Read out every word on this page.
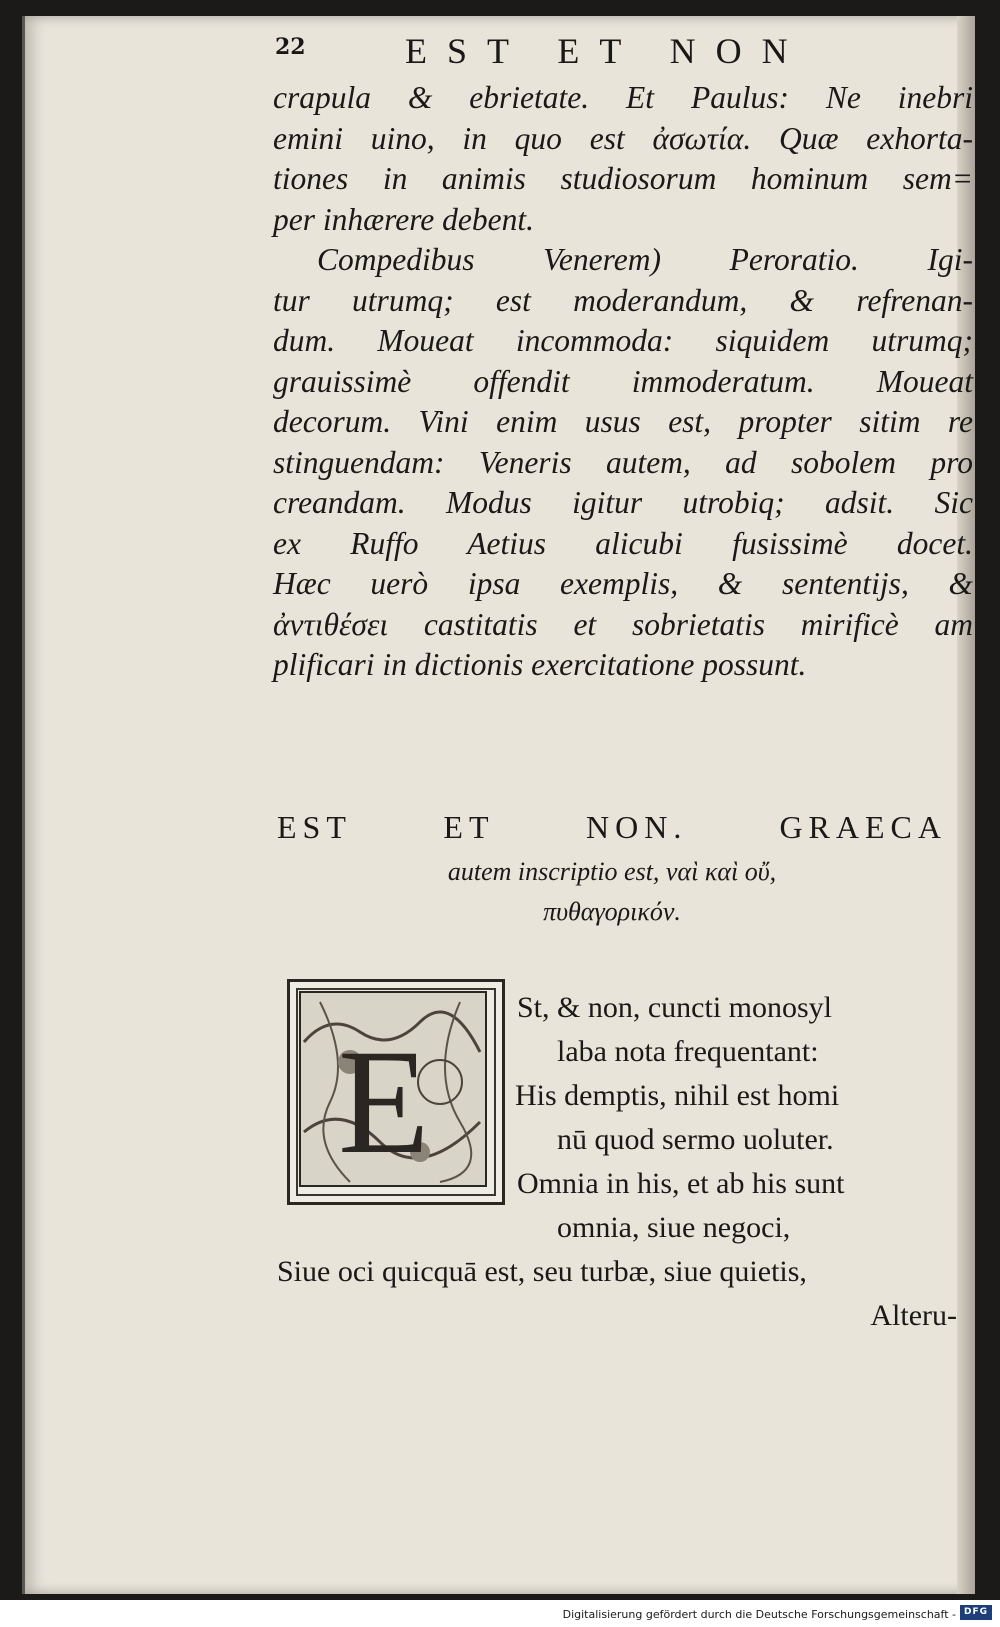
22	EST ET NON
crapula & ebrietate. Et Paulus: Ne inebri
emini uino, in quo est ἀσωτία. Quæ exhorta-
tiones in animis studiosorum hominum sem=
per inhærere debent.
Compedibus Venerem) Peroratio. Igi-
tur utrumq; est moderandum, & refrenan-
dum. Moueat incommoda: siquidem utrumq;
grauissimè offendit immoderatum. Moueat
decorum. Vini enim usus est, propter sitim re
stinguendam: Veneris autem, ad sobolem pro
creandam. Modus igitur utrobiq; adsit. Sic
ex Ruffo Aetius alicubi fusissimè docet.
Hæc uerò ipsa exemplis, & sententijs, &
ἀντιθέσει castitatis et sobrietatis mirificè am
plificari in dictionis exercitatione possunt.
EST ET NON. GRAECA
autem inscriptio est, ναὶ καὶ οὔ,
πυθαγορικόν.
E
St, & non, cuncti monosyl
laba nota frequentant:
His demptis, nihil est homi
nū quod sermo uoluter.
Omnia in his, et ab his sunt
omnia, siue negoci,
Siue oci quicquā est, seu turbæ, siue quietis,
Alteru-
Digitalisierung gefördert durch die Deutsche Forschungsgemeinschaft - DFG
